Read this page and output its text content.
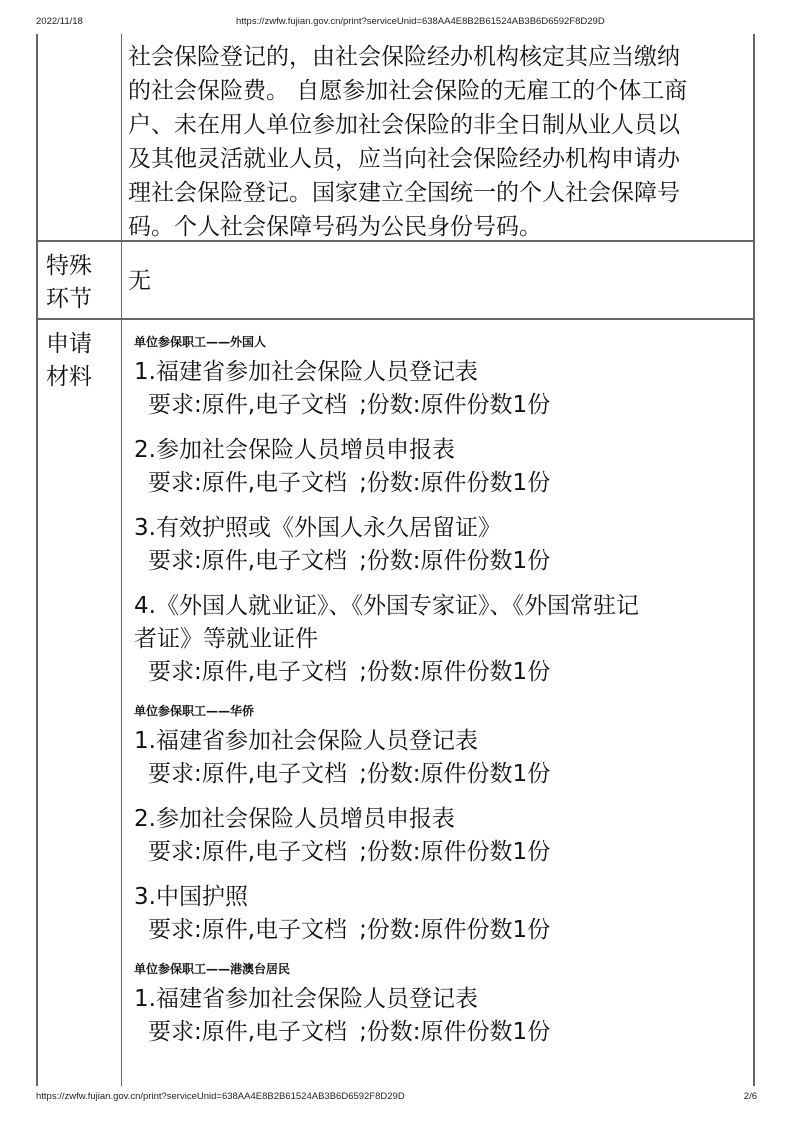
2022/11/18	https://zwfw.fujian.gov.cn/print?serviceUnid=638AA4E8B2B61524AB3B6D6592F8D29D
社会保险登记的，由社会保险经办机构核定其应当缴纳
的社会保险费。 自愿参加社会保险的无雇工的个体工商
户、未在用人单位参加社会保险的非全日制从业人员以
及其他灵活就业人员，应当向社会保险经办机构申请办
理社会保险登记。国家建立全国统一的个人社会保障号
码。个人社会保障号码为公民身份号码。
特殊
环节
无
申请
材料
单位参保职工——外国人
1.福建省参加社会保险人员登记表
要求:原件,电子文档 ;份数:原件份数1份
2.参加社会保险人员增员申报表
要求:原件,电子文档 ;份数:原件份数1份
3.有效护照或《外国人永久居留证》
要求:原件,电子文档 ;份数:原件份数1份
4.《外国人就业证》、《外国专家证》、《外国常驻记
者证》等就业证件
要求:原件,电子文档 ;份数:原件份数1份
单位参保职工——华侨
1.福建省参加社会保险人员登记表
要求:原件,电子文档 ;份数:原件份数1份
2.参加社会保险人员增员申报表
要求:原件,电子文档 ;份数:原件份数1份
3.中国护照
要求:原件,电子文档 ;份数:原件份数1份
单位参保职工——港澳台居民
1.福建省参加社会保险人员登记表
要求:原件,电子文档 ;份数:原件份数1份
https://zwfw.fujian.gov.cn/print?serviceUnid=638AA4E8B2B61524AB3B6D6592F8D29D	2/6
